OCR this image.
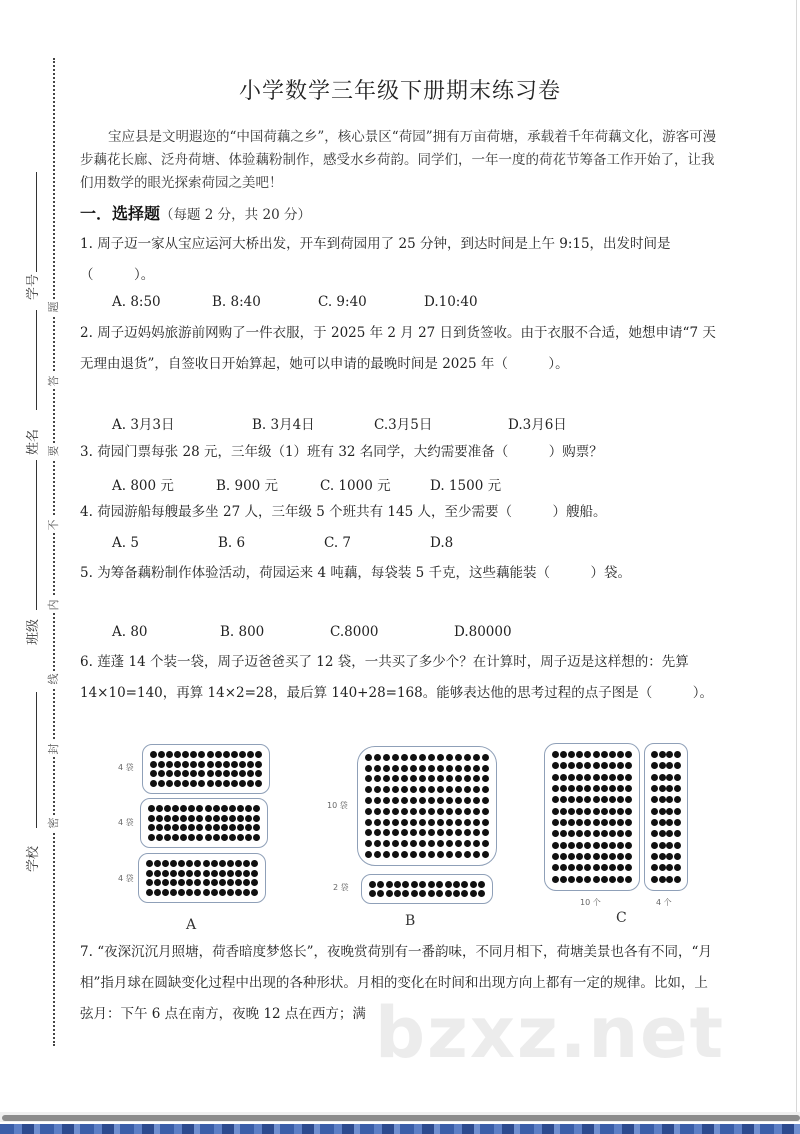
题
答
要
不
内
线
封
密
学号
姓名
班级
学校
小学数学三年级下册期末练习卷
宝应县是文明遐迩的“中国荷藕之乡”，核心景区“荷园”拥有万亩荷塘，承载着千年荷藕文化，游客可漫步藕花长廊、泛舟荷塘、体验藕粉制作，感受水乡荷韵。同学们，一年一度的荷花节筹备工作开始了，让我们用数学的眼光探索荷园之美吧！
一．选择题（每题 2 分，共 20 分）
1. 周子迈一家从宝应运河大桥出发，开车到荷园用了 25 分钟，到达时间是上午 9:15，出发时间是（　　　）。
A. 8:50	B. 8:40	C. 9:40	D.10:40
2. 周子迈妈妈旅游前网购了一件衣服，于 2025 年 2 月 27 日到货签收。由于衣服不合适，她想申请“7 天无理由退货”，自签收日开始算起，她可以申请的最晚时间是 2025 年（　　　）。
A. 3月3日	B. 3月4日	C.3月5日	D.3月6日
3. 荷园门票每张 28 元，三年级（1）班有 32 名同学，大约需要准备（　　　）购票？
A. 800 元	B. 900 元	C. 1000 元	D. 1500 元
4. 荷园游船每艘最多坐 27 人，三年级 5 个班共有 145 人，至少需要（　　　）艘船。
A. 5	B. 6	C. 7	D.8
5. 为筹备藕粉制作体验活动，荷园运来 4 吨藕，每袋装 5 千克，这些藕能装（　　　）袋。
A. 80	B. 800	C.8000	D.80000
6. 莲蓬 14 个装一袋，周子迈爸爸买了 12 袋，一共买了多少个？在计算时，周子迈是这样想的：先算 14×10=140，再算 14×2=28，最后算 140+28=168。能够表达他的思考过程的点子图是（　　　）。
4 袋
4 袋
4 袋
A
10 袋
2 袋
B
10 个	4 个
C
7. “夜深沉沉月照塘，荷香暗度梦悠长”，夜晚赏荷别有一番韵味，不同月相下，荷塘美景也各有不同，“月相”指月球在圆缺变化过程中出现的各种形状。月相的变化在时间和出现方向上都有一定的规律。比如，上弦月：下午 6 点在南方，夜晚 12 点在西方；满 bzxz.net
